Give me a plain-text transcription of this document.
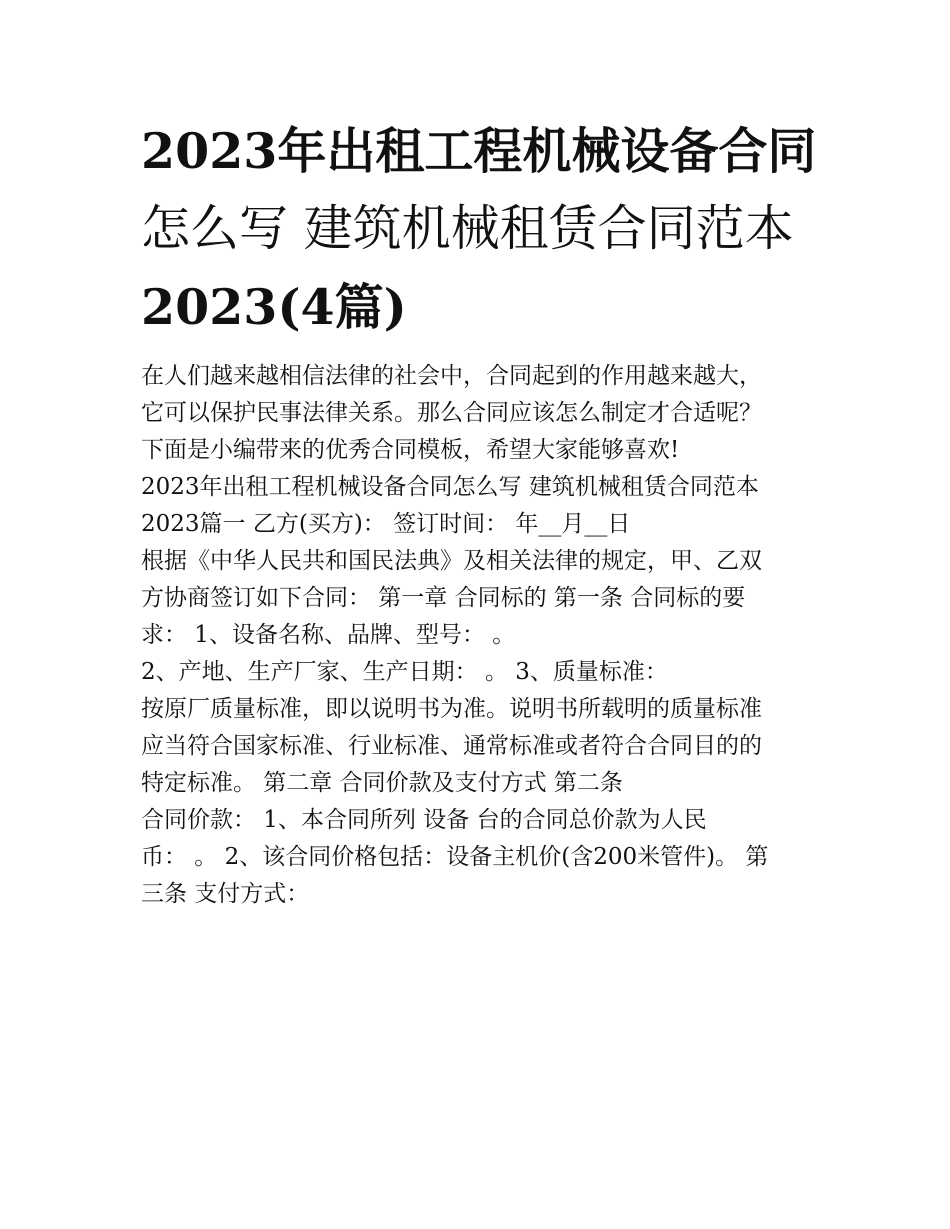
2023年出租工程机械设备合同
怎么写 建筑机械租赁合同范本
2023(4篇)
在人们越来越相信法律的社会中，合同起到的作用越来越大，
它可以保护民事法律关系。那么合同应该怎么制定才合适呢？
下面是小编带来的优秀合同模板，希望大家能够喜欢!
2023年出租工程机械设备合同怎么写 建筑机械租赁合同范本
2023篇一 乙方(买方)： 签订时间： 年__月__日
根据《中华人民共和国民法典》及相关法律的规定，甲、乙双
方协商签订如下合同： 第一章 合同标的 第一条 合同标的要
求： 1、设备名称、品牌、型号： 。
2、产地、生产厂家、生产日期： 。 3、质量标准：
按原厂质量标准，即以说明书为准。说明书所载明的质量标准
应当符合国家标准、行业标准、通常标准或者符合合同目的的
特定标准。 第二章 合同价款及支付方式 第二条
合同价款： 1、本合同所列 设备 台的合同总价款为人民
币： 。 2、该合同价格包括：设备主机价(含200米管件)。 第
三条 支付方式：
